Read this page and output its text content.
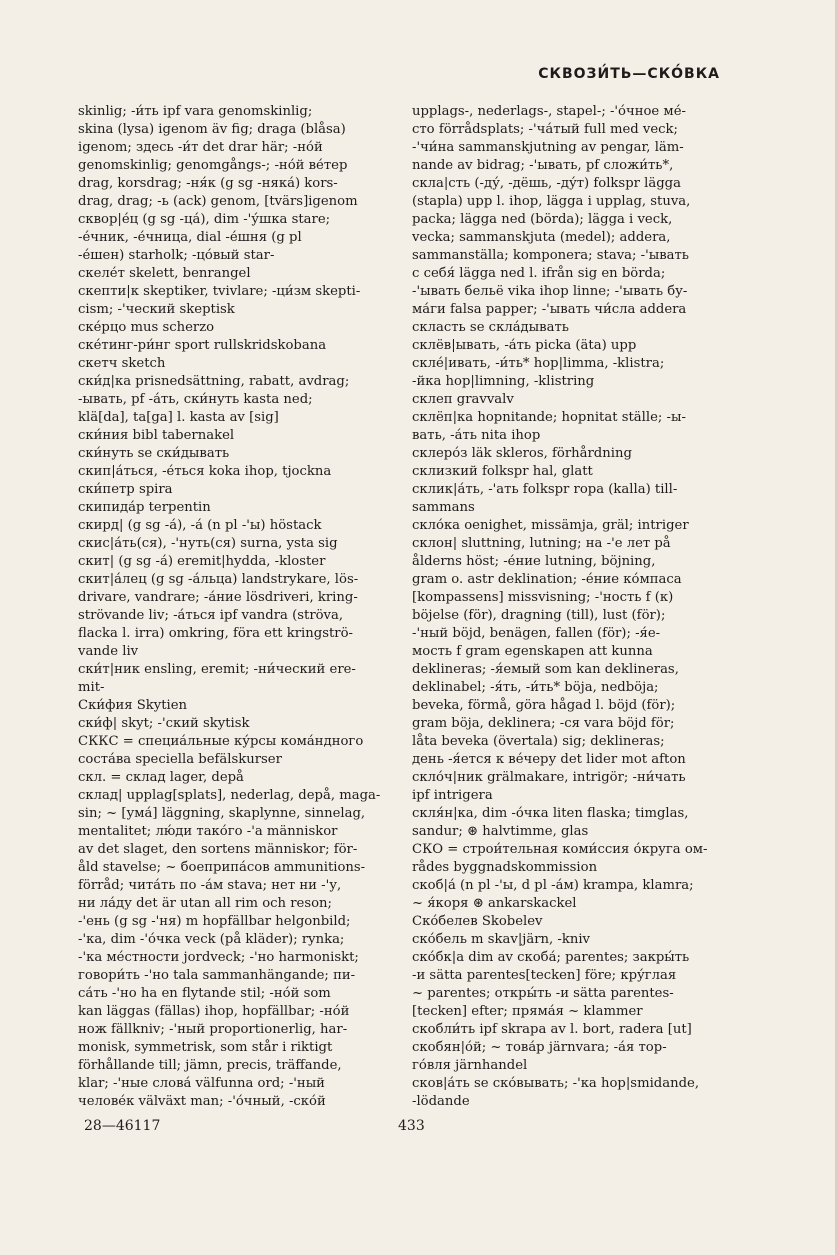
СКВОЗИ́ТЬ—СКО́ВКА
skinlig; -и́ть ipf vara genomskinlig;
skina (lysa) igenom äv fig; draga (blåsa)
igenom; здесь -и́т det drar här; -но́й
genomskinlig; genomgångs-; -но́й ве́тер
drag, korsdrag; -ня́к (g sg -няка́) kors-
drag, drag; -ь (ack) genom, [tvärs]igenom
сквор|е́ц (g sg -ца́), dim -'у́шка stare;
-е́чник, -е́чница, dial -е́шня (g pl
-е́шен) starholk; -цо́вый star-
скеле́т skelett, benrangel
скепти|к skeptiker, tvivlare; -ци́зм skepti-
cism; -'ческий skeptisk
ске́рцо mus scherzo
ске́тинг-ри́нг sport rullskridskobana
скетч sketch
ски́д|ка prisnedsättning, rabatt, avdrag;
-ывать, pf -а́ть, ски́нуть kasta ned;
klä[da], ta[ga] l. kasta av [sig]
ски́ния bibl tabernakel
ски́нуть se ски́дывать
скип|а́ться, -е́ться koka ihop, tjockna
ски́петр spira
скипида́р terpentin
скирд| (g sg -а́), -а́ (n pl -'ы) höstack
скис|а́ть(ся), -'нуть(ся) surna, ysta sig
скит| (g sg -а́) eremit|hydda, -kloster
скит|а́лец (g sg -а́льца) landstrykare, lös-
drivare, vandrare; -а́ние lösdriveri, kring-
strövande liv; -а́ться ipf vandra (ströva,
flacka l. irra) omkring, föra ett kringströ-
vande liv
ски́т|ник ensling, eremit; -ни́ческий ere-
mit-
Ски́фия Skytien
ски́ф| skyt; -'ский skytisk
СККС = специа́льные ку́рсы кома́ндного
соста́ва speciella befälskurser
скл. = склад lager, depå
склад| upplag[splats], nederlag, depå, maga-
sin; ~ [ума́] läggning, skaplynne, sinnelag,
mentalitet; лю́ди тако́го -'а människor
av det slaget, den sortens människor; för-
åld stavelse; ~ боеприпа́сов ammunitions-
förråd; чита́ть по -а́м stava; нет ни -'у,
ни ла́ду det är utan all rim och reson;
-'ень (g sg -'ня) m hopfällbar helgonbild;
-'ка, dim -'о́чка veck (på kläder); rynka;
-'ка ме́стности jordveck; -'но harmoniskt;
говори́ть -'но tala sammanhängande; пи-
са́ть -'но ha en flytande stil; -но́й som
kan läggas (fällas) ihop, hopfällbar; -но́й
нож fällkniv; -'ный proportionerlig, har-
monisk, symmetrisk, som står i riktigt
förhållande till; jämn, precis, träffande,
klar; -'ные слова́ välfunna ord; -'ный
челове́к välväxt man; -'о́чный, -ско́й
upplags-, nederlags-, stapel-; -'о́чное ме́-
сто förrådsplats; -'ча́тый full med veck;
-'чи́на sammanskjutning av pengar, läm-
nande av bidrag; -'ывать, pf сложи́ть*,
скла|сть (-ду́, -дёшь, -ду́т) folkspr lägga
(stapla) upp l. ihop, lägga i upplag, stuva,
packa; lägga ned (börda); lägga i veck,
vecka; sammanskjuta (medel); addera,
sammanställa; komponera; stava; -'ывать
с себя́ lägga ned l. ifrån sig en börda;
-'ывать бельё vika ihop linne; -'ывать бу-
ма́ги falsa papper; -'ывать чи́сла addera
скласть se скла́дывать
склёв|ывать, -а́ть picka (äta) upp
скле́|ивать, -и́ть* hop|limma, -klistra;
-йка hop|limning, -klistring
склеп gravvalv
склёп|ка hopnitande; hopnitat ställe; -ы-
вать, -а́ть nita ihop
склеро́з läk skleros, förhårdning
склизкий folkspr hal, glatt
склик|а́ть, -'ать folkspr ropa (kalla) till-
sammans
скло́ка oenighet, missämja, gräl; intriger
склон| sluttning, lutning; на -'е лет på
ålderns höst; -е́ние lutning, böjning,
gram o. astr deklination; -е́ние ко́мпаса
[kompassens] missvisning; -'ность f (к)
böjelse (för), dragning (till), lust (för);
-'ный böjd, benägen, fallen (för); -я́е-
мость f gram egenskapen att kunna
deklineras; -я́емый som kan deklineras,
deklinabel; -я́ть, -и́ть* böja, nedböja;
beveka, förmå, göra hågad l. böjd (för);
gram böja, deklinera; -ся vara böjd för;
låta beveka (övertala) sig; deklineras;
день -я́ется к ве́черу det lider mot afton
скло́ч|ник grälmakare, intrigör; -ни́чать
ipf intrigera
скля́н|ка, dim -о́чка liten flaska; timglas,
sandur; ⊛ halvtimme, glas
СКО = строи́тельная коми́ссия о́круга ом-
rådes byggnadskommission
скоб|а́ (n pl -'ы, d pl -а́м) krampa, klamra;
~ я́коря ⊛ ankarskackel
Ско́белев Skobelev
ско́бель m skav|järn, -kniv
ско́бк|а dim av скоба́; parentes; закры́ть
-и sätta parentes[tecken] före; кру́глая
~ parentes; откры́ть -и sätta parentes-
[tecken] efter; пряма́я ~ klammer
скобли́ть ipf skrapa av l. bort, radera [ut]
скобян|о́й; ~ това́р järnvara; -а́я тор-
го́вля järnhandel
сков|а́ть se ско́вывать; -'ка hop|smidande,
-lödande
28—46117	433
